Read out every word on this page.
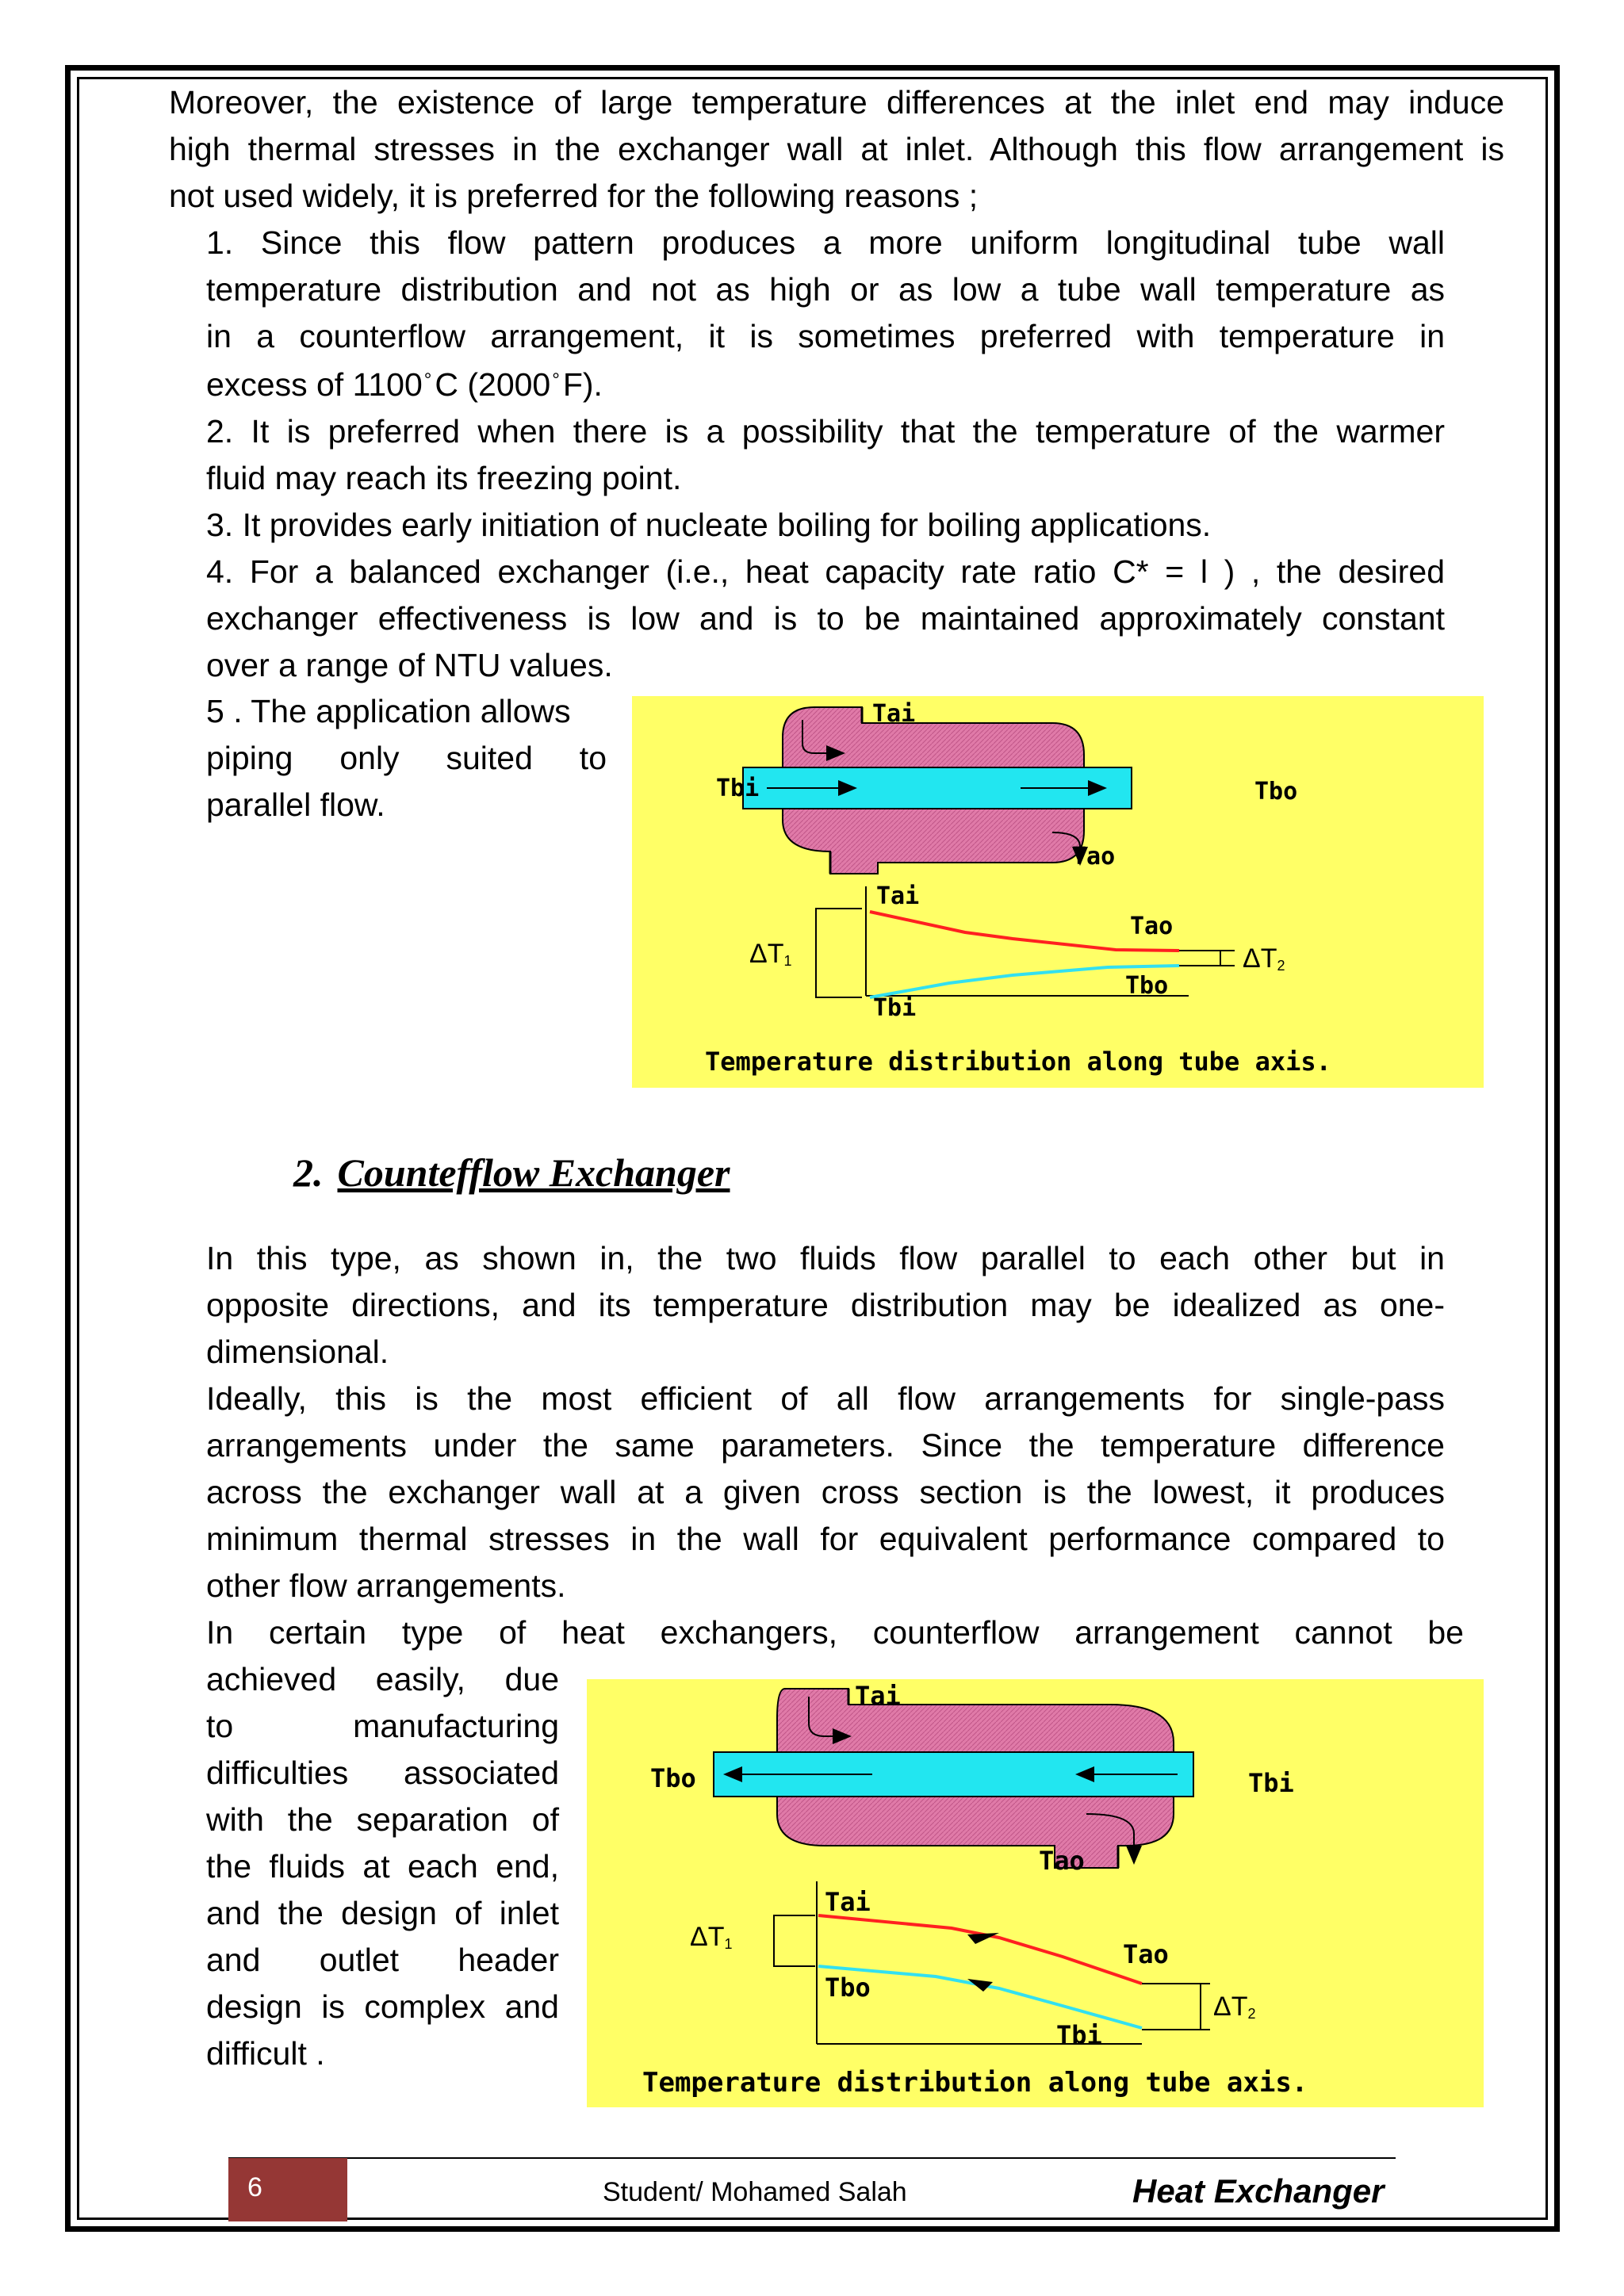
Moreover, the existence of large temperature differences at the inlet end may induce
high thermal stresses in the exchanger wall at inlet. Although this flow arrangement is
not used widely, it is preferred for the following reasons ;
1. Since this flow pattern produces a more uniform longitudinal tube wall
temperature distribution and not as high or as low a tube wall temperature as
in a counterflow arrangement, it is sometimes preferred with temperature in
excess of 1100°C (2000°F).
2. It is preferred when there is a possibility that the temperature of the warmer
fluid may reach its freezing point.
3. It provides early initiation of nucleate boiling for boiling applications.
4. For a balanced exchanger (i.e., heat capacity rate ratio C* = l ) , the desired
exchanger effectiveness is low and is to be maintained approximately constant
over a range of NTU values.
5 . The application allows
piping only suited to
parallel flow.
Tai
Tbi	Tbo
Tao
Tai
Tao
Tbo
Tbi
ΔT1	ΔT2
Temperature distribution along tube axis.
2. Countefflow Exchanger
In this type, as shown in, the two fluids flow parallel to each other but in
opposite directions, and its temperature distribution may be idealized as one-
dimensional.
Ideally, this is the most efficient of all flow arrangements for single-pass
arrangements under the same parameters. Since the temperature difference
across the exchanger wall at a given cross section is the lowest, it produces
minimum thermal stresses in the wall for equivalent performance compared to
other flow arrangements.
In certain type of heat exchangers, counterflow arrangement cannot be
achieved easily, due
to manufacturing
difficulties associated
with the separation of
the fluids at each end,
and the design of inlet
and outlet header
design is complex and
difficult .
Tai
Tbo	Tbi
Tao
Tai
Tao
Tbo
Tbi
ΔT1
ΔT2
Temperature distribution along tube axis.
6	Student/ Mohamed Salah	Heat Exchanger
